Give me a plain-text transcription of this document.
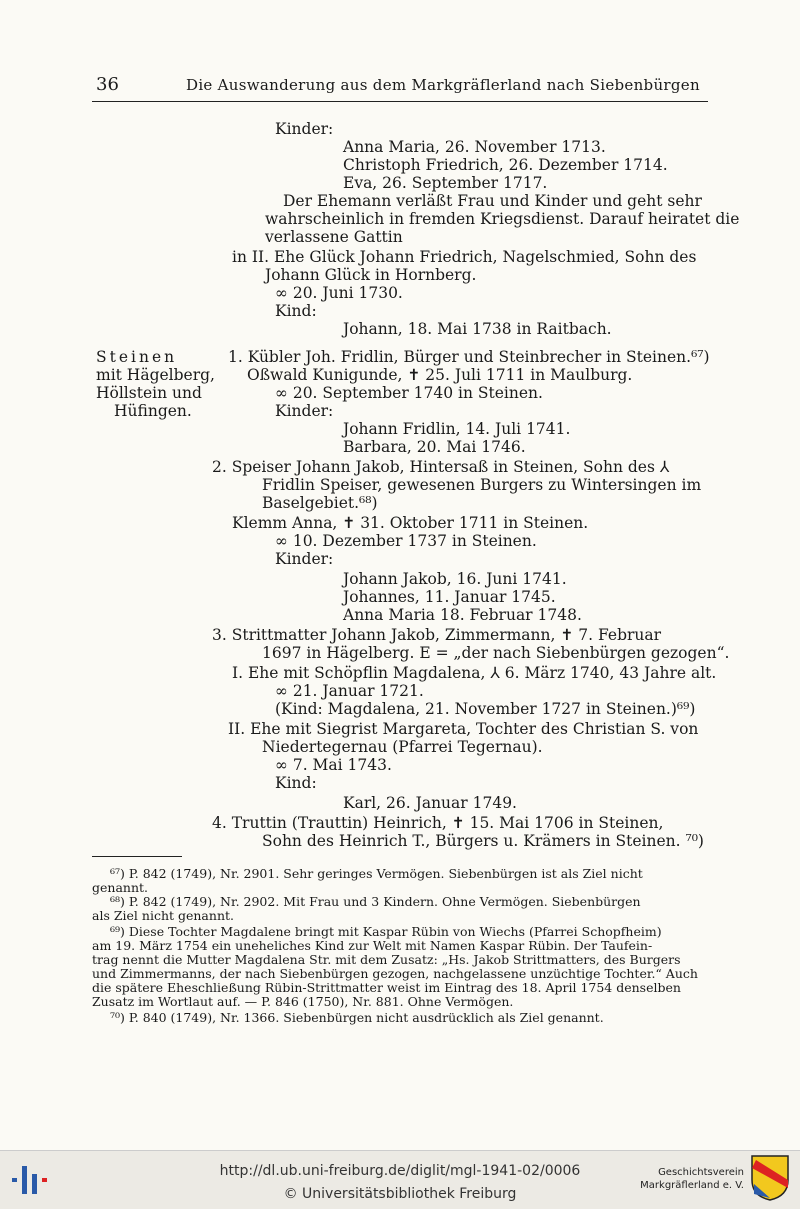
36	Die Auswanderung aus dem Markgräflerland nach Siebenbürgen
Steinen
mit Hägelberg,
Höllstein und
Hüfingen.
Kinder:
Anna Maria, 26. November 1713.
Christoph Friedrich, 26. Dezember 1714.
Eva, 26. September 1717.
Der Ehemann verläßt Frau und Kinder und geht sehr
wahrscheinlich in fremden Kriegsdienst. Darauf heiratet die
verlassene Gattin
in II. Ehe Glück Johann Friedrich, Nagelschmied, Sohn des
Johann Glück in Hornberg.
∞ 20. Juni 1730.
Kind:
Johann, 18. Mai 1738 in Raitbach.
1. Kübler Joh. Fridlin, Bürger und Steinbrecher in Steinen.⁶⁷)
Oßwald Kunigunde, ✝ 25. Juli 1711 in Maulburg.
∞ 20. September 1740 in Steinen.
Kinder:
Johann Fridlin, 14. Juli 1741.
Barbara, 20. Mai 1746.
2. Speiser Johann Jakob, Hintersaß in Steinen, Sohn des ⅄
Fridlin Speiser, gewesenen Burgers zu Wintersingen im
Baselgebiet.⁶⁸)
Klemm Anna, ✝ 31. Oktober 1711 in Steinen.
∞ 10. Dezember 1737 in Steinen.
Kinder:
Johann Jakob, 16. Juni 1741.
Johannes, 11. Januar 1745.
Anna Maria 18. Februar 1748.
3. Strittmatter Johann Jakob, Zimmermann, ✝ 7. Februar
1697 in Hägelberg. E = „der nach Siebenbürgen gezogen“.
I. Ehe mit Schöpflin Magdalena, ⅄ 6. März 1740, 43 Jahre alt.
∞ 21. Januar 1721.
(Kind: Magdalena, 21. November 1727 in Steinen.)⁶⁹)
II. Ehe mit Siegrist Margareta, Tochter des Christian S. von
Niedertegernau (Pfarrei Tegernau).
∞ 7. Mai 1743.
Kind:
Karl, 26. Januar 1749.
4. Truttin (Trauttin) Heinrich, ✝ 15. Mai 1706 in Steinen,
Sohn des Heinrich T., Bürgers u. Krämers in Steinen. ⁷⁰)
⁶⁷) P. 842 (1749), Nr. 2901. Sehr geringes Vermögen. Siebenbürgen ist als Ziel nicht
genannt.
⁶⁸) P. 842 (1749), Nr. 2902. Mit Frau und 3 Kindern. Ohne Vermögen. Siebenbürgen
als Ziel nicht genannt.
⁶⁹) Diese Tochter Magdalene bringt mit Kaspar Rübin von Wiechs (Pfarrei Schopfheim)
am 19. März 1754 ein uneheliches Kind zur Welt mit Namen Kaspar Rübin. Der Taufein-
trag nennt die Mutter Magdalena Str. mit dem Zusatz: „Hs. Jakob Strittmatters, des Burgers
und Zimmermanns, der nach Siebenbürgen gezogen, nachgelassene unzüchtige Tochter.“ Auch
die spätere Eheschließung Rübin-Strittmatter weist im Eintrag des 18. April 1754 denselben
Zusatz im Wortlaut auf. — P. 846 (1750), Nr. 881. Ohne Vermögen.
⁷⁰) P. 840 (1749), Nr. 1366. Siebenbürgen nicht ausdrücklich als Ziel genannt.
http://dl.ub.uni-freiburg.de/diglit/mgl-1941-02/0006
© Universitätsbibliothek Freiburg
Geschichtsverein
Markgräflerland e. V.
